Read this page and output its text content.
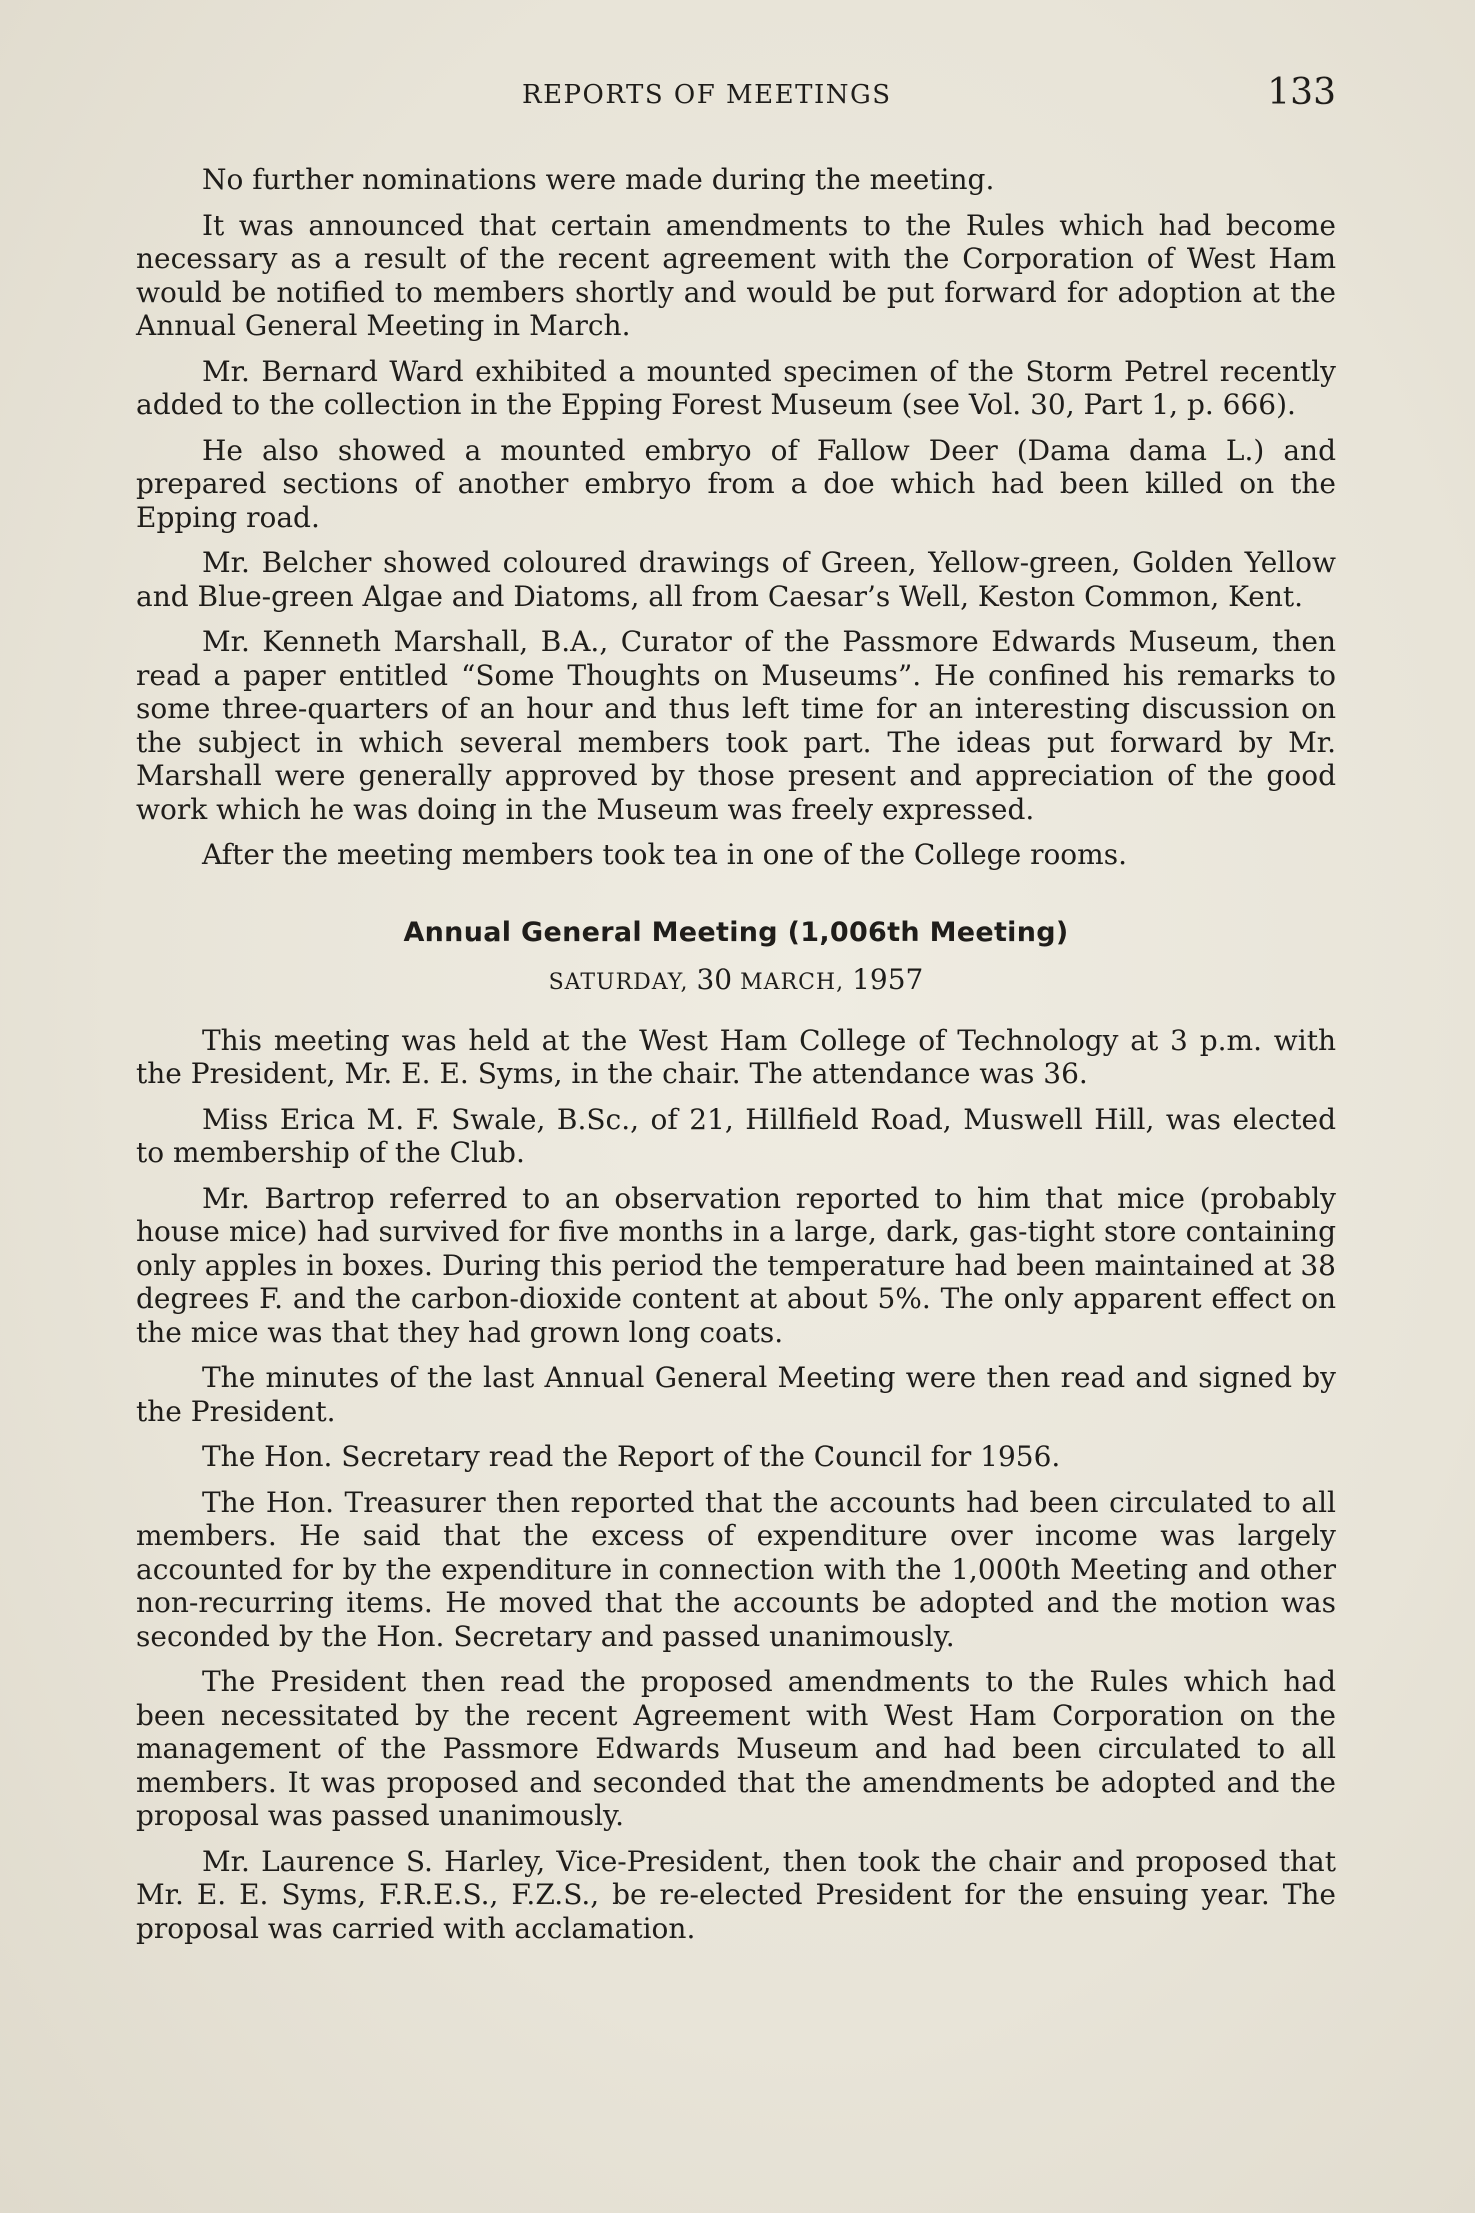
REPORTS OF MEETINGS	133

No further nominations were made during the meeting.

It was announced that certain amendments to the Rules which had become necessary as a result of the recent agreement with the Corporation of West Ham would be notified to members shortly and would be put forward for adoption at the Annual General Meeting in March.

Mr. Bernard Ward exhibited a mounted specimen of the Storm Petrel recently added to the collection in the Epping Forest Museum (see Vol. 30, Part 1, p. 666).

He also showed a mounted embryo of Fallow Deer (Dama dama L.) and prepared sections of another embryo from a doe which had been killed on the Epping road.

Mr. Belcher showed coloured drawings of Green, Yellow-green, Golden Yellow and Blue-green Algae and Diatoms, all from Caesar’s Well, Keston Common, Kent.

Mr. Kenneth Marshall, B.A., Curator of the Passmore Edwards Museum, then read a paper entitled “Some Thoughts on Museums”. He confined his remarks to some three-quarters of an hour and thus left time for an interesting discussion on the subject in which several members took part. The ideas put forward by Mr. Marshall were generally approved by those present and appreciation of the good work which he was doing in the Museum was freely expressed.

After the meeting members took tea in one of the College rooms.

Annual General Meeting (1,006th Meeting)
SATURDAY, 30 MARCH, 1957

This meeting was held at the West Ham College of Technology at 3 p.m. with the President, Mr. E. E. Syms, in the chair. The attendance was 36.

Miss Erica M. F. Swale, B.Sc., of 21, Hillfield Road, Muswell Hill, was elected to membership of the Club.

Mr. Bartrop referred to an observation reported to him that mice (probably house mice) had survived for five months in a large, dark, gas-tight store containing only apples in boxes. During this period the temperature had been maintained at 38 degrees F. and the carbon-dioxide content at about 5%. The only apparent effect on the mice was that they had grown long coats.

The minutes of the last Annual General Meeting were then read and signed by the President.

The Hon. Secretary read the Report of the Council for 1956.

The Hon. Treasurer then reported that the accounts had been circulated to all members. He said that the excess of expenditure over income was largely accounted for by the expenditure in connection with the 1,000th Meeting and other non-recurring items. He moved that the accounts be adopted and the motion was seconded by the Hon. Secretary and passed unanimously.

The President then read the proposed amendments to the Rules which had been necessitated by the recent Agreement with West Ham Corporation on the management of the Passmore Edwards Museum and had been circulated to all members. It was proposed and seconded that the amendments be adopted and the proposal was passed unanimously.

Mr. Laurence S. Harley, Vice-President, then took the chair and proposed that Mr. E. E. Syms, F.R.E.S., F.Z.S., be re-elected President for the ensuing year. The proposal was carried with acclamation.
